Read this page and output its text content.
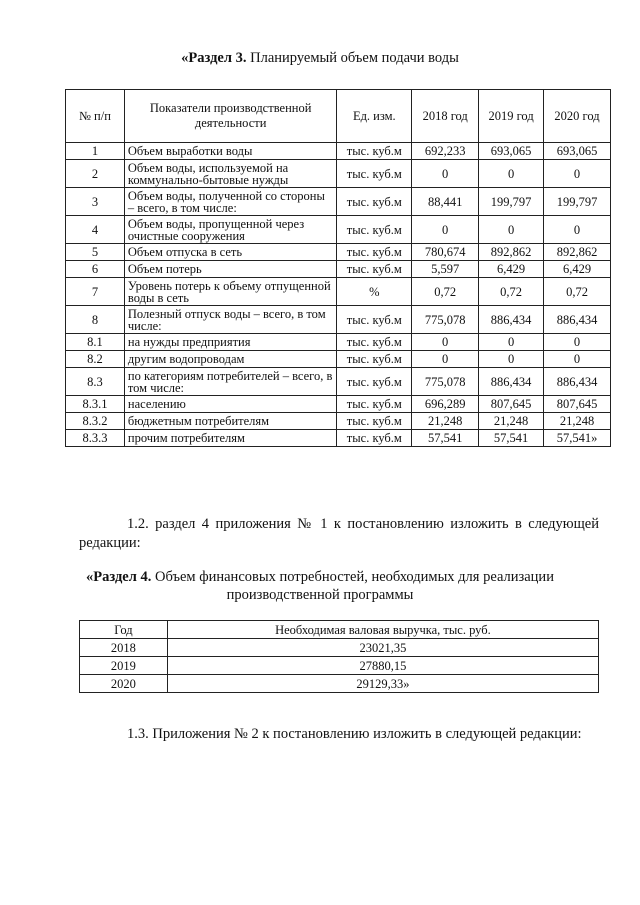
«Раздел 3. Планируемый объем подачи воды
№ п/п	Показатели производственной деятельности	Ед. изм.	2018 год	2019 год	2020 год
1	Объем выработки воды	тыс. куб.м	692,233	693,065	693,065
2	Объем воды, используемой на коммунально-бытовые нужды	тыс. куб.м	0	0	0
3	Объем воды, полученной со стороны – всего, в том числе:	тыс. куб.м	88,441	199,797	199,797
4	Объем воды, пропущенной через очистные сооружения	тыс. куб.м	0	0	0
5	Объем отпуска в сеть	тыс. куб.м	780,674	892,862	892,862
6	Объем потерь	тыс. куб.м	5,597	6,429	6,429
7	Уровень потерь к объему отпущенной воды в сеть	%	0,72	0,72	0,72
8	Полезный отпуск воды – всего, в том числе:	тыс. куб.м	775,078	886,434	886,434
8.1	на нужды предприятия	тыс. куб.м	0	0	0
8.2	другим водопроводам	тыс. куб.м	0	0	0
8.3	по категориям потребителей – всего, в том числе:	тыс. куб.м	775,078	886,434	886,434
8.3.1	населению	тыс. куб.м	696,289	807,645	807,645
8.3.2	бюджетным потребителям	тыс. куб.м	21,248	21,248	21,248
8.3.3	прочим потребителям	тыс. куб.м	57,541	57,541	57,541»
1.2. раздел 4 приложения № 1 к постановлению изложить в следующей редакции:
«Раздел 4. Объем финансовых потребностей, необходимых для реализации
производственной программы
Год	Необходимая валовая выручка, тыс. руб.
2018	23021,35
2019	27880,15
2020	29129,33»
1.3. Приложения № 2 к постановлению изложить в следующей редакции:
